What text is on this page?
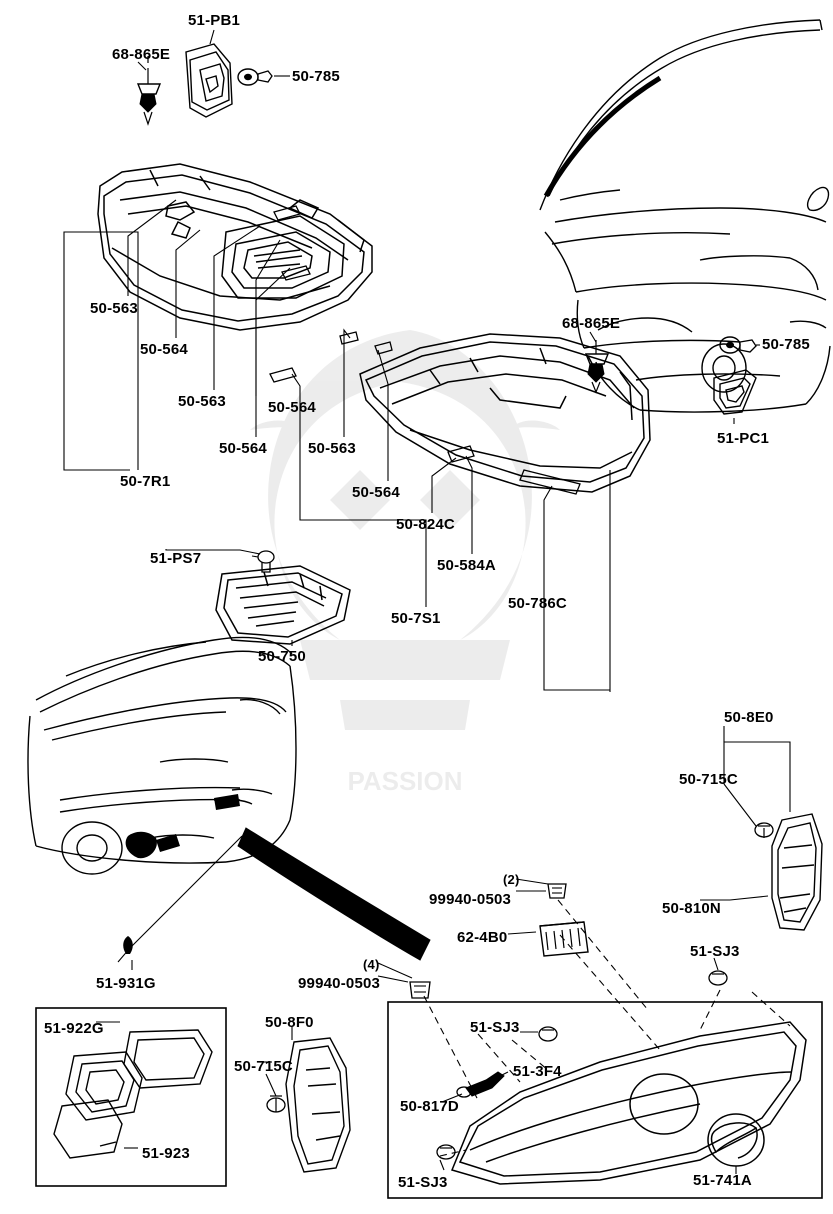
PASSION
51-PB1
68-865E
50-785
50-563
50-564
50-563	50-564
50-564	50-563
50-7R1
50-564
50-824C
50-584A
50-7S1
50-786C
68-865E
50-785
51-PC1
51-PS7
50-750
50-8E0
50-715C
50-810N
51-SJ3
(2)
99940-0503
62-4B0
(4)
99940-0503
51-931G
51-922G
51-923
50-8F0
50-715C
51-SJ3
51-3F4
50-817D
51-SJ3	51-741A
